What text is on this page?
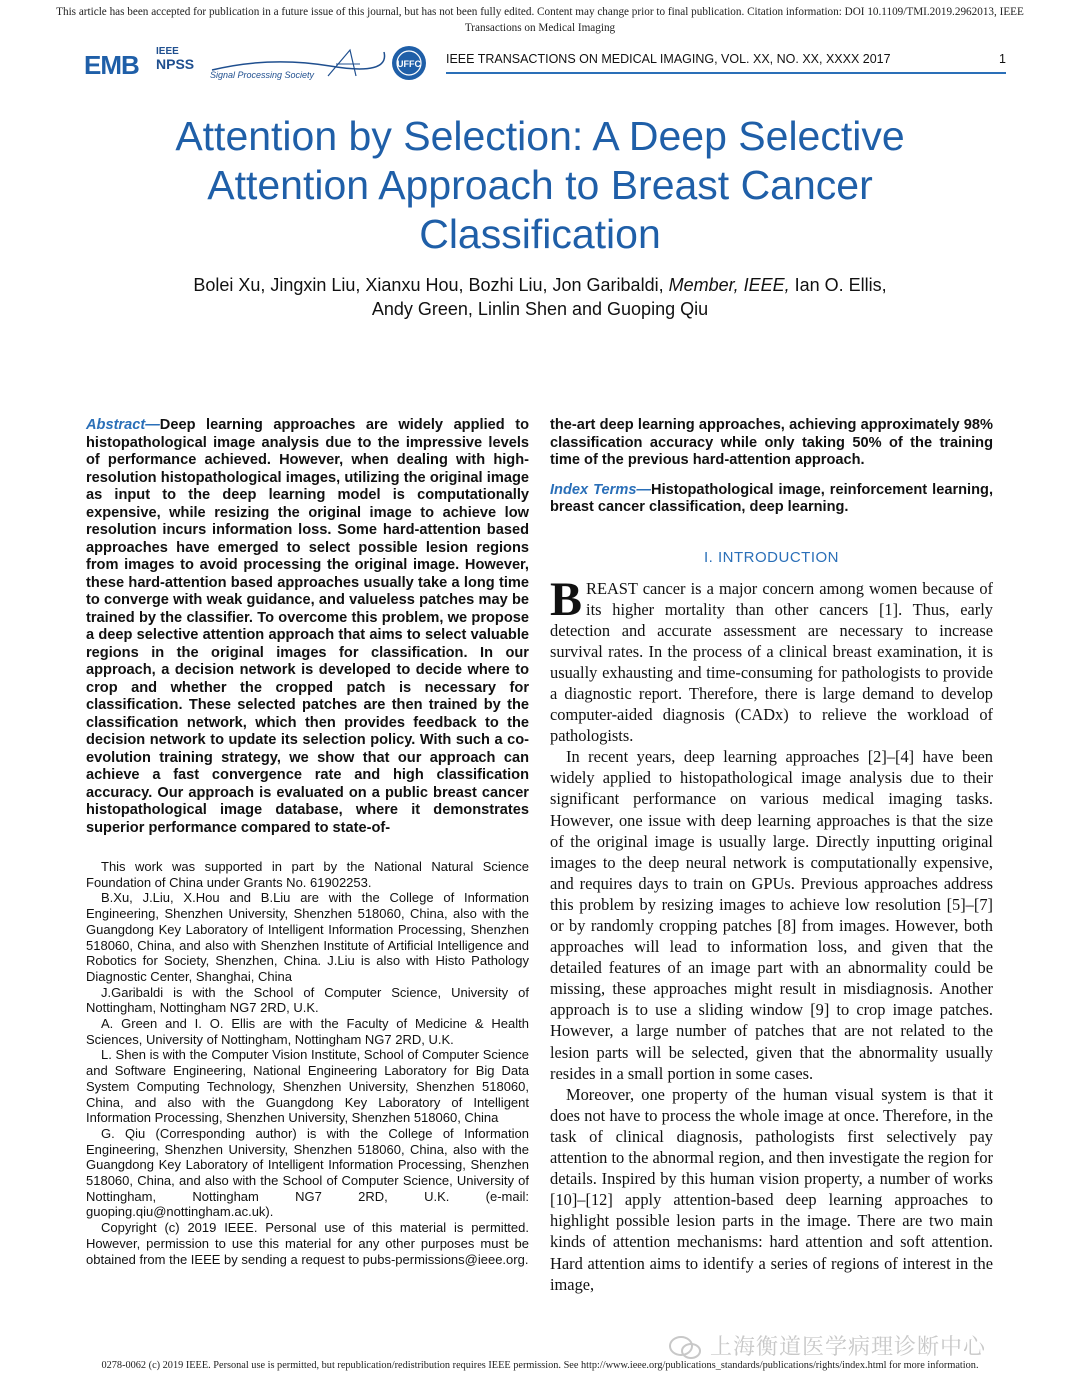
This article has been accepted for publication in a future issue of this journal, but has not been fully edited. Content may change prior to final publication. Citation information: DOI 10.1109/TMI.2019.2962013, IEEE
Transactions on Medical Imaging
EMB IEEE
NPSS
Signal Processing Society
UFFC IEEE TRANSACTIONS ON MEDICAL IMAGING, VOL. XX, NO. XX, XXXX 2017	1
Attention by Selection: A Deep Selective
Attention Approach to Breast Cancer
Classification
Bolei Xu, Jingxin Liu, Xianxu Hou, Bozhi Liu, Jon Garibaldi, Member, IEEE, Ian O. Ellis,
Andy Green, Linlin Shen and Guoping Qiu
Abstract—Deep learning approaches are widely applied to histopathological image analysis due to the impressive levels of performance achieved. However, when dealing with high-resolution histopathological images, utilizing the original image as input to the deep learning model is computationally expensive, while resizing the original image to achieve low resolution incurs information loss. Some hard-attention based approaches have emerged to select possible lesion regions from images to avoid processing the original image. However, these hard-attention based approaches usually take a long time to converge with weak guidance, and valueless patches may be trained by the classifier. To overcome this problem, we propose a deep selective attention approach that aims to select valuable regions in the original images for classification. In our approach, a decision network is developed to decide where to crop and whether the cropped patch is necessary for classification. These selected patches are then trained by the classification network, which then provides feedback to the decision network to update its selection policy. With such a co-evolution training strategy, we show that our approach can achieve a fast convergence rate and high classification accuracy. Our approach is evaluated on a public breast cancer histopathological image database, where it demonstrates superior performance compared to state-of-

This work was supported in part by the National Natural Science Foundation of China under Grants No. 61902253.

B.Xu, J.Liu, X.Hou and B.Liu are with the College of Information Engineering, Shenzhen University, Shenzhen 518060, China, also with the Guangdong Key Laboratory of Intelligent Information Processing, Shenzhen 518060, China, and also with Shenzhen Institute of Artificial Intelligence and Robotics for Society, Shenzhen, China. J.Liu is also with Histo Pathology Diagnostic Center, Shanghai, China

J.Garibaldi is with the School of Computer Science, University of Nottingham, Nottingham NG7 2RD, U.K.

A. Green and I. O. Ellis are with the Faculty of Medicine & Health Sciences, University of Nottingham, Nottingham NG7 2RD, U.K.

L. Shen is with the Computer Vision Institute, School of Computer Science and Software Engineering, National Engineering Laboratory for Big Data System Computing Technology, Shenzhen University, Shenzhen 518060, China, and also with the Guangdong Key Laboratory of Intelligent Information Processing, Shenzhen University, Shenzhen 518060, China

G. Qiu (Corresponding author) is with the College of Information Engineering, Shenzhen University, Shenzhen 518060, China, also with the Guangdong Key Laboratory of Intelligent Information Processing, Shenzhen 518060, China, and also with the School of Computer Science, University of Nottingham, Nottingham NG7 2RD, U.K. (e-mail: guoping.qiu@nottingham.ac.uk).

Copyright (c) 2019 IEEE. Personal use of this material is permitted. However, permission to use this material for any other purposes must be obtained from the IEEE by sending a request to pubs-permissions@ieee.org.

the-art deep learning approaches, achieving approximately 98% classification accuracy while only taking 50% of the training time of the previous hard-attention approach.
Index Terms—Histopathological image, reinforcement learning, breast cancer classification, deep learning.
I. INTRODUCTION

BREAST cancer is a major concern among women because of its higher mortality than other cancers [1]. Thus, early detection and accurate assessment are necessary to increase survival rates. In the process of a clinical breast examination, it is usually exhausting and time-consuming for pathologists to provide a diagnostic report. Therefore, there is large demand to develop computer-aided diagnosis (CADx) to relieve the workload of pathologists.

In recent years, deep learning approaches [2]–[4] have been widely applied to histopathological image analysis due to their significant performance on various medical imaging tasks. However, one issue with deep learning approaches is that the size of the original image is usually large. Directly inputting original images to the deep neural network is computationally expensive, and requires days to train on GPUs. Previous approaches address this problem by resizing images to achieve low resolution [5]–[7] or by randomly cropping patches [8] from images. However, both approaches will lead to information loss, and given that the detailed features of an image part with an abnormality could be missing, these approaches might result in misdiagnosis. Another approach is to use a sliding window [9] to crop image patches. However, a large number of patches that are not related to the lesion parts will be selected, given that the abnormality usually resides in a small portion in some cases.

Moreover, one property of the human visual system is that it does not have to process the whole image at once. Therefore, in the task of clinical diagnosis, pathologists first selectively pay attention to the abnormal region, and then investigate the region for details. Inspired by this human vision property, a number of works [10]–[12] apply attention-based deep learning approaches to highlight possible lesion parts in the image. There are two main kinds of attention mechanisms: hard attention and soft attention. Hard attention aims to identify a series of regions of interest in the image,

上海衡道医学病理诊断中心
0278-0062 (c) 2019 IEEE. Personal use is permitted, but republication/redistribution requires IEEE permission. See http://www.ieee.org/publications_standards/publications/rights/index.html for more information.
